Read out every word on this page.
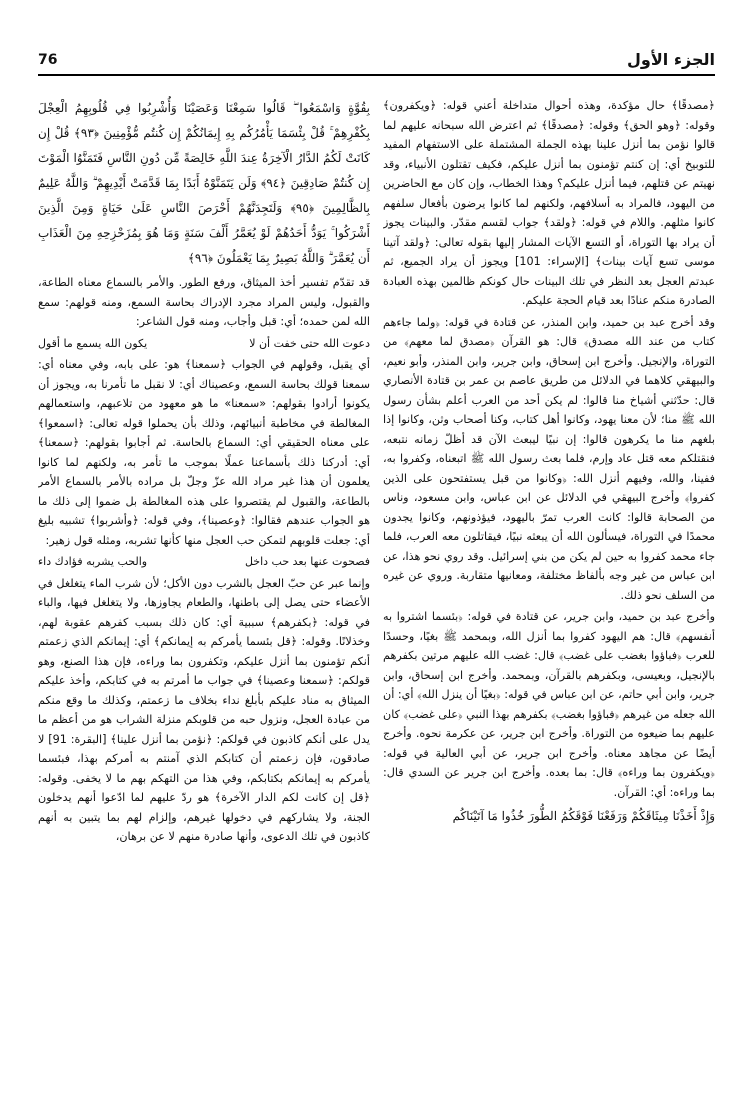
الجزء الأول
76

﴿مصدقًا﴾ حال مؤكدة، وهذه أحوال متداخلة أعني قوله: ﴿ويكفرون﴾ وقوله: ﴿وهو الحق﴾ وقوله: ﴿مصدقًا﴾ ثم اعترض الله سبحانه عليهم لما قالوا نؤمن بما أنزل علينا بهذه الجملة المشتملة على الاستفهام المفيد للتوبيخ أي: إن كنتم تؤمنون بما أنزل عليكم، فكيف تقتلون الأنبياء، وقد نهيتم عن قتلهم، فيما أنزل عليكم؟ وهذا الخطاب، وإن كان مع الحاضرين من اليهود، فالمراد به أسلافهم، ولكنهم لما كانوا يرضون بأفعال سلفهم كانوا مثلهم. واللام في قوله: ﴿ولقد﴾ جواب لقسم مقدّر. والبينات يجوز أن يراد بها التوراة، أو التسع الآيات المشار إليها بقوله تعالى: ﴿ولقد آتينا موسى تسع آيات بينات﴾ [الإسراء: 101] ويجوز أن يراد الجميع، ثم عبدتم العجل بعد النظر في تلك البينات حال كونكم ظالمين بهذه العبادة الصادرة منكم عنادًا بعد قيام الحجة عليكم.

وقد أخرج عبد بن حميد، وابن المنذر، عن قتادة في قوله: ﴿ولما جاءهم كتاب من عند الله مصدق﴾ قال: هو القرآن ﴿مصدق لما معهم﴾ من التوراة، والإنجيل. وأخرج ابن إسحاق، وابن جرير، وابن المنذر، وأبو نعيم، والبيهقي كلاهما في الدلائل من طريق عاصم بن عمر بن قتادة الأنصاري قال: حدّثني أشياخ منا قالوا: لم يكن أحد من العرب أعلم بشأن رسول الله ﷺ منا؛ لأن معنا يهود، وكانوا أهل كتاب، وكنا أصحاب وثن، وكانوا إذا بلغهم منا ما يكرهون قالوا: إن نبيًا ليبعث الآن قد أظلّ زمانه نتبعه، فنقتلكم معه قتل عاد وإرم، فلما بعث رسول الله ﷺ اتبعناه، وكفروا به، ففينا، والله، وفيهم أنزل الله: ﴿وكانوا من قبل يستفتحون على الذين كفروا﴾ وأخرج البيهقي في الدلائل عن ابن عباس، وابن مسعود، وناس من الصحابة قالوا: كانت العرب تمرّ باليهود، فيؤذونهم، وكانوا يجدون محمدًا في التوراة، فيسألون الله أن يبعثه نبيًا، فيقاتلون معه العرب، فلما جاء محمد كفروا به حين لم يكن من بني إسرائيل. وقد روي نحو هذا، عن ابن عباس من غير وجه بألفاظ مختلفة، ومعانيها متقاربة. وروي عن غيره من السلف نحو ذلك.

وأخرج عبد بن حميد، وابن جرير، عن قتادة في قوله: ﴿بئسما اشتروا به أنفسهم﴾ قال: هم اليهود كفروا بما أنزل الله، وبمحمد ﷺ بغيًا، وحسدًا للعرب ﴿فباؤوا بغضب على غضب﴾ قال: غضب الله عليهم مرتين بكفرهم بالإنجيل، وبعيسى، وبكفرهم بالقرآن، وبمحمد. وأخرج ابن إسحاق، وابن جرير، وابن أبي حاتم، عن ابن عباس في قوله: ﴿بغيًا أن ينزل الله﴾ أي: أن الله جعله من غيرهم ﴿فباؤوا بغضب﴾ بكفرهم بهذا النبي ﴿على غضب﴾ كان عليهم بما ضيعوه من التوراة. وأخرج ابن جرير، عن عكرمة نحوه. وأخرج أيضًا عن مجاهد معناه. وأخرج ابن جرير، عن أبي العالية في قوله: ﴿ويكفرون بما وراءه﴾ قال: بما بعده. وأخرج ابن جرير عن السدي قال: بما وراءه: أي: القرآن.

وَإِذْ أَخَذْنَا مِيثَاقَكُمْ وَرَفَعْنَا فَوْقَكُمُ الطُّورَ خُذُوا مَا آتَيْنَاكُم

بِقُوَّةٍ وَاسْمَعُوا ۖ قَالُوا سَمِعْنَا وَعَصَيْنَا وَأُشْرِبُوا فِي قُلُوبِهِمُ الْعِجْلَ بِكُفْرِهِمْ ۚ قُلْ بِئْسَمَا يَأْمُرُكُم بِهِ إِيمَانُكُمْ إِن كُنتُم مُّؤْمِنِينَ ﴿٩٣﴾ قُلْ إِن كَانَتْ لَكُمُ الدَّارُ الْآخِرَةُ عِندَ اللَّهِ خَالِصَةً مِّن دُونِ النَّاسِ فَتَمَنَّوُا الْمَوْتَ إِن كُنتُمْ صَادِقِينَ ﴿٩٤﴾ وَلَن يَتَمَنَّوْهُ أَبَدًا بِمَا قَدَّمَتْ أَيْدِيهِمْ ۗ وَاللَّهُ عَلِيمٌ بِالظَّالِمِينَ ﴿٩٥﴾ وَلَتَجِدَنَّهُمْ أَحْرَصَ النَّاسِ عَلَىٰ حَيَاةٍ وَمِنَ الَّذِينَ أَشْرَكُوا ۚ يَوَدُّ أَحَدُهُمْ لَوْ يُعَمَّرُ أَلْفَ سَنَةٍ وَمَا هُوَ بِمُزَحْزِحِهِ مِنَ الْعَذَابِ أَن يُعَمَّرَ ۗ وَاللَّهُ بَصِيرٌ بِمَا يَعْمَلُونَ ﴿٩٦﴾

قد تقدّم تفسير أخذ الميثاق، ورفع الطور. والأمر بالسماع معناه الطاعة، والقبول، وليس المراد مجرد الإدراك بحاسة السمع، ومنه قولهم: سمع الله لمن حمده؛ أي: قبل وأجاب، ومنه قول الشاعر:

دعوت الله حتى خفت أن لا
يكون الله يسمع ما أقول

أي يقبل، وقولهم في الجواب ﴿سمعنا﴾ هو: على بابه، وفي معناه أي: سمعنا قولك بحاسة السمع، وعصيناك أي: لا نقبل ما تأمرنا به، ويجوز أن يكونوا أرادوا بقولهم: «سمعنا» ما هو معهود من تلاعبهم، واستعمالهم المغالطة في مخاطبة أنبيائهم، وذلك بأن يحملوا قوله تعالى: ﴿اسمعوا﴾ على معناه الحقيقي أي: السماع بالحاسة. ثم أجابوا بقولهم: ﴿سمعنا﴾ أي: أدركنا ذلك بأسماعنا عملًا بموجب ما تأمر به، ولكنهم لما كانوا يعلمون أن هذا غير مراد الله عزّ وجلّ بل مراده بالأمر بالسماع الأمر بالطاعة، والقبول لم يقتصروا على هذه المغالطة بل ضموا إلى ذلك ما هو الجواب عندهم فقالوا: ﴿وعصينا﴾، وفي قوله: ﴿وأشربوا﴾ تشبيه بليغ أي: جعلت قلوبهم لتمكن حب العجل منها كأنها تشربه، ومثله قول زهير:

فصحوت عنها بعد حب داخل
والحب يشربه فؤادك داء

وإنما عبر عن حبّ العجل بالشرب دون الأكل؛ لأن شرب الماء يتغلغل في الأعضاء حتى يصل إلى باطنها، والطعام يجاوزها، ولا يتغلغل فيها، والباء في قوله: ﴿بكفرهم﴾ سببية أي: كان ذلك بسبب كفرهم عقوبة لهم، وخذلانًا. وقوله: ﴿قل بئسما يأمركم به إيمانكم﴾ أي: إيمانكم الذي زعمتم أنكم تؤمنون بما أنزل عليكم، وتكفرون بما وراءه، فإن هذا الصنع، وهو قولكم: ﴿سمعنا وعصينا﴾ في جواب ما أمرتم به في كتابكم، وأخذ عليكم الميثاق به مناد عليكم بأبلغ نداء بخلاف ما زعمتم، وكذلك ما وقع منكم من عبادة العجل، ونزول حبه من قلوبكم منزلة الشراب هو من أعظم ما يدل على أنكم كاذبون في قولكم: ﴿نؤمن بما أنزل علينا﴾ [البقرة: 91] لا صادقون، فإن زعمتم أن كتابكم الذي آمنتم به أمركم بهذا، فبئسما يأمركم به إيمانكم بكتابكم، وفي هذا من التهكم بهم ما لا يخفى. وقوله: ﴿قل إن كانت لكم الدار الآخرة﴾ هو ردّ عليهم لما ادّعوا أنهم يدخلون الجنة، ولا يشاركهم في دخولها غيرهم، وإلزام لهم بما يتبين به أنهم كاذبون في تلك الدعوى، وأنها صادرة منهم لا عن برهان،
